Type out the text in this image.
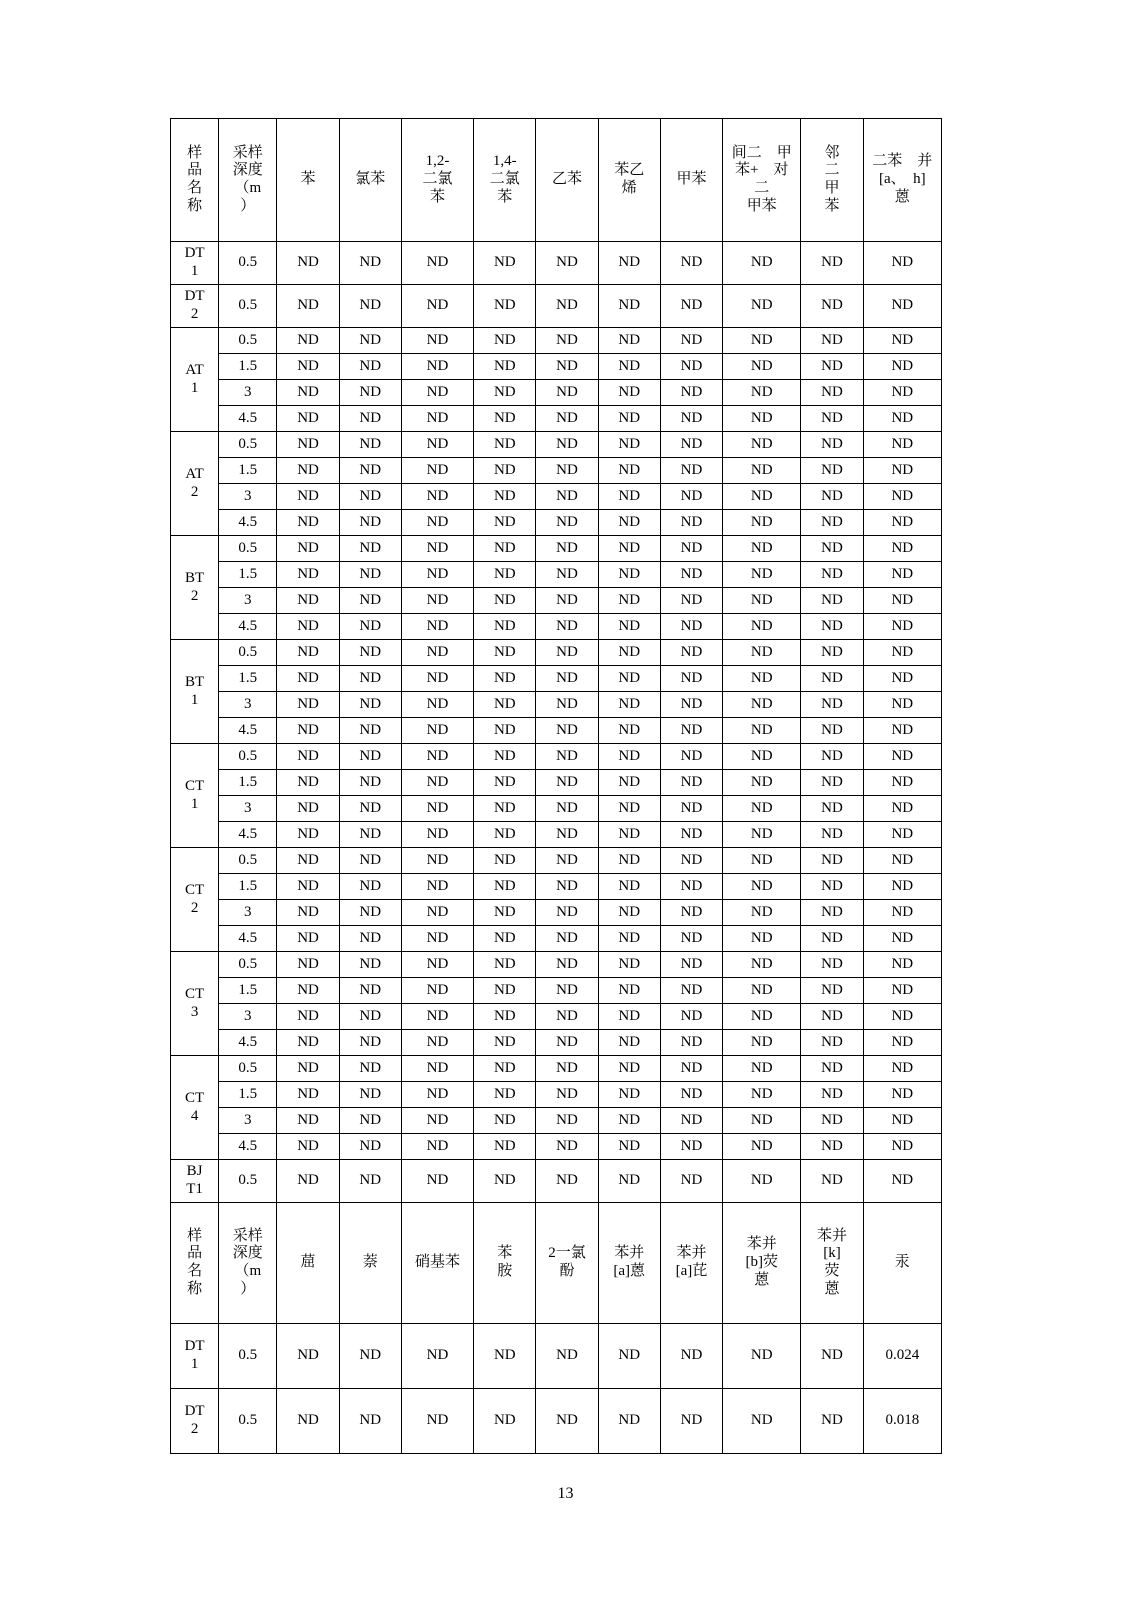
样
品
名
称	采样
深度
（m
）	苯	氯苯	1,2-
二氯
苯	1,4-
二氯
苯	乙苯	苯乙
烯	甲苯	间二　甲
苯+　对
二
甲苯	邻
二
甲
苯	二苯　并
[a、　h]
蒽

DT
1	0.5	ND	ND	ND	ND	ND	ND	ND	ND	ND	ND

DT
2	0.5	ND	ND	ND	ND	ND	ND	ND	ND	ND	ND

AT
1	0.5	ND	ND	ND	ND	ND	ND	ND	ND	ND	ND
	1.5	ND	ND	ND	ND	ND	ND	ND	ND	ND	ND
	3	ND	ND	ND	ND	ND	ND	ND	ND	ND	ND
	4.5	ND	ND	ND	ND	ND	ND	ND	ND	ND	ND

AT
2	0.5	ND	ND	ND	ND	ND	ND	ND	ND	ND	ND
	1.5	ND	ND	ND	ND	ND	ND	ND	ND	ND	ND
	3	ND	ND	ND	ND	ND	ND	ND	ND	ND	ND
	4.5	ND	ND	ND	ND	ND	ND	ND	ND	ND	ND

BT
2	0.5	ND	ND	ND	ND	ND	ND	ND	ND	ND	ND
	1.5	ND	ND	ND	ND	ND	ND	ND	ND	ND	ND
	3	ND	ND	ND	ND	ND	ND	ND	ND	ND	ND
	4.5	ND	ND	ND	ND	ND	ND	ND	ND	ND	ND

BT
1	0.5	ND	ND	ND	ND	ND	ND	ND	ND	ND	ND
	1.5	ND	ND	ND	ND	ND	ND	ND	ND	ND	ND
	3	ND	ND	ND	ND	ND	ND	ND	ND	ND	ND
	4.5	ND	ND	ND	ND	ND	ND	ND	ND	ND	ND

CT
1	0.5	ND	ND	ND	ND	ND	ND	ND	ND	ND	ND
	1.5	ND	ND	ND	ND	ND	ND	ND	ND	ND	ND
	3	ND	ND	ND	ND	ND	ND	ND	ND	ND	ND
	4.5	ND	ND	ND	ND	ND	ND	ND	ND	ND	ND

CT
2	0.5	ND	ND	ND	ND	ND	ND	ND	ND	ND	ND
	1.5	ND	ND	ND	ND	ND	ND	ND	ND	ND	ND
	3	ND	ND	ND	ND	ND	ND	ND	ND	ND	ND
	4.5	ND	ND	ND	ND	ND	ND	ND	ND	ND	ND

CT
3	0.5	ND	ND	ND	ND	ND	ND	ND	ND	ND	ND
	1.5	ND	ND	ND	ND	ND	ND	ND	ND	ND	ND
	3	ND	ND	ND	ND	ND	ND	ND	ND	ND	ND
	4.5	ND	ND	ND	ND	ND	ND	ND	ND	ND	ND

CT
4	0.5	ND	ND	ND	ND	ND	ND	ND	ND	ND	ND
	1.5	ND	ND	ND	ND	ND	ND	ND	ND	ND	ND
	3	ND	ND	ND	ND	ND	ND	ND	ND	ND	ND
	4.5	ND	ND	ND	ND	ND	ND	ND	ND	ND	ND

BJ
T1	0.5	ND	ND	ND	ND	ND	ND	ND	ND	ND	ND
样
品
名
称	采样
深度
（m
）	䓛	萘	硝基苯	苯
胺	2一氯
酚	苯并
[a]蒽	苯并
[a]芘	苯并
[b]荧
蒽	苯并
[k]
荧
蒽	汞

DT
1	0.5	ND	ND	ND	ND	ND	ND	ND	ND	ND	0.024

DT
2	0.5	ND	ND	ND	ND	ND	ND	ND	ND	ND	0.018
13
